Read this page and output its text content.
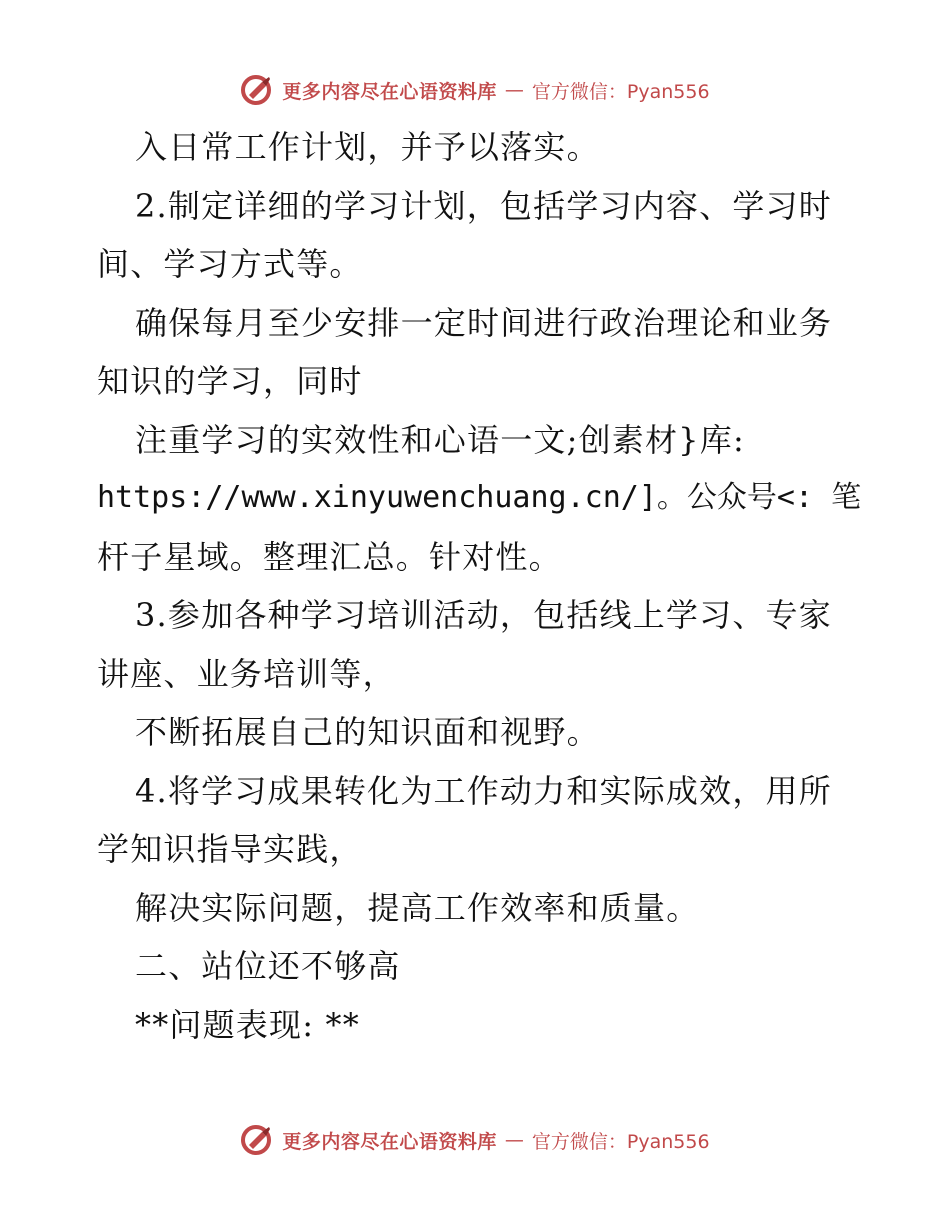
更多内容尽在心语资料库 — 官方微信：Pyan556
入日常工作计划，并予以落实。
2.制定详细的学习计划，包括学习内容、学习时
间、学习方式等。
确保每月至少安排一定时间进行政治理论和业务
知识的学习，同时
注重学习的实效性和心语一文;创素材}库:
https://www.xinyuwenchuang.cn/]。公众号<: 笔
杆子星域。整理汇总。针对性。
3.参加各种学习培训活动，包括线上学习、专家
讲座、业务培训等，
不断拓展自己的知识面和视野。
4.将学习成果转化为工作动力和实际成效，用所
学知识指导实践，
解决实际问题，提高工作效率和质量。
二、站位还不够高
**问题表现: **
更多内容尽在心语资料库 — 官方微信：Pyan556
